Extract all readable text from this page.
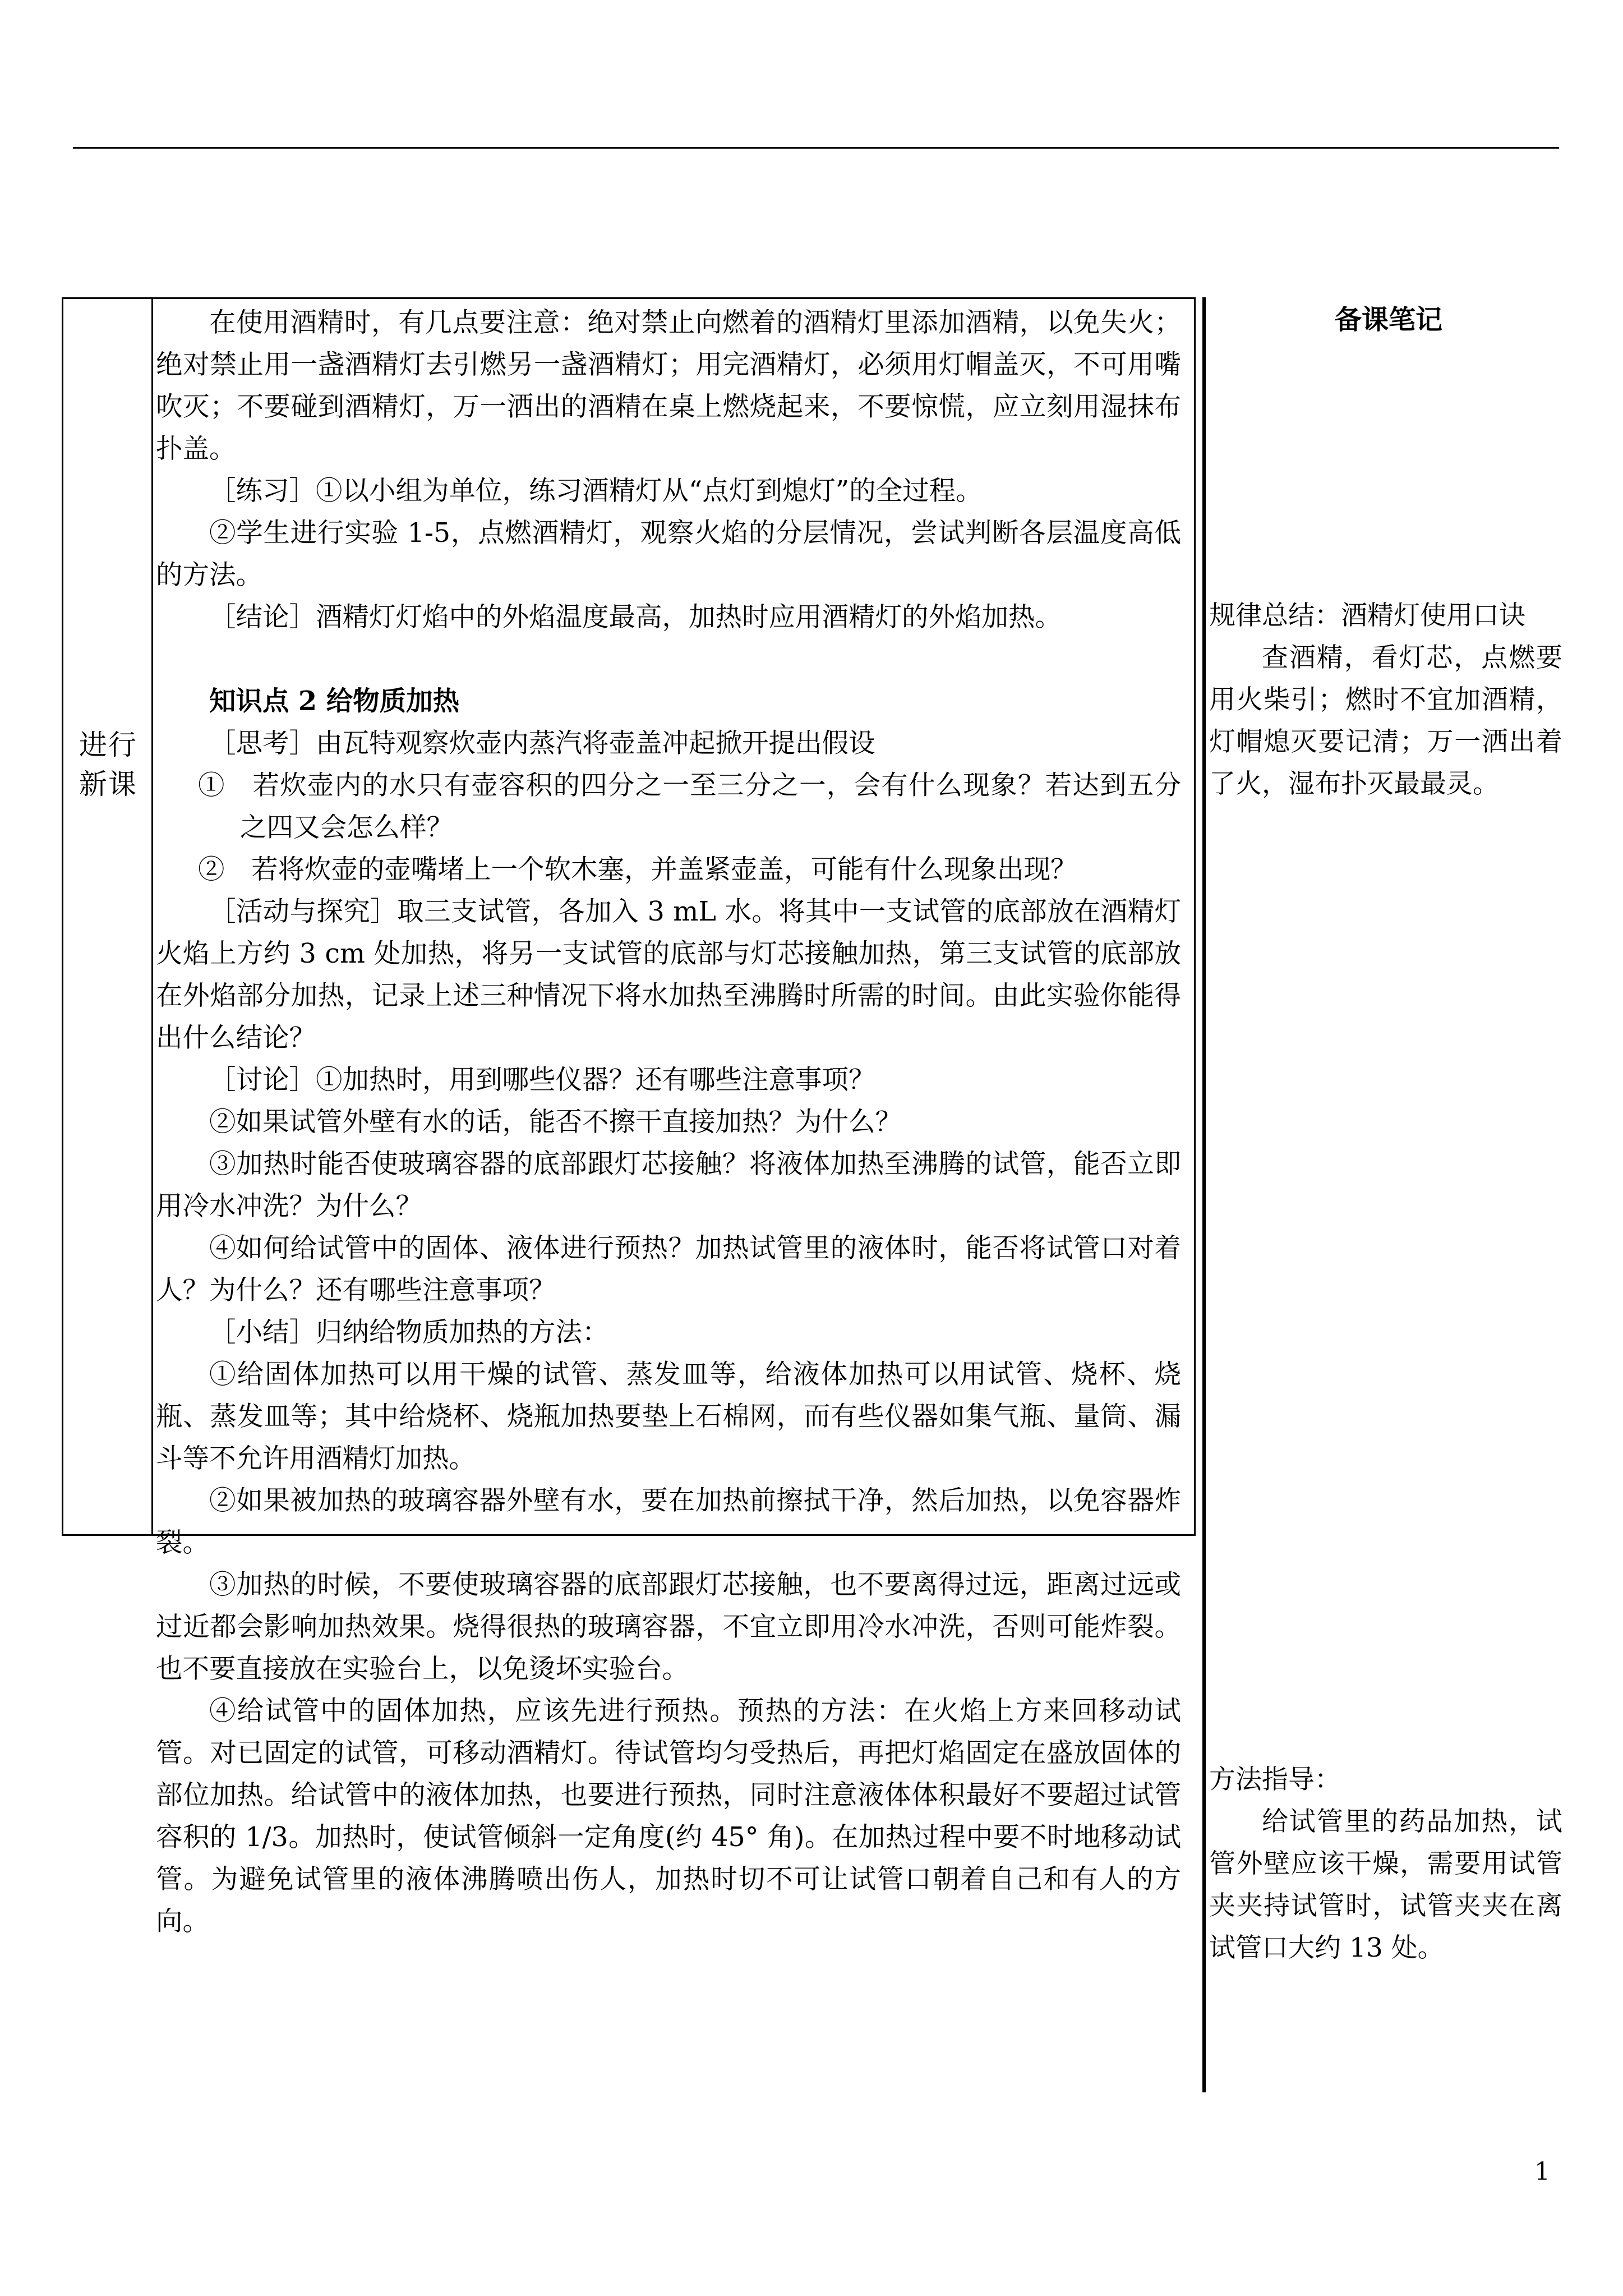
进行
新课
在使用酒精时，有几点要注意：绝对禁止向燃着的酒精灯里添加酒精，以免失火；绝对禁止用一盏酒精灯去引燃另一盏酒精灯；用完酒精灯，必须用灯帽盖灭，不可用嘴吹灭；不要碰到酒精灯，万一洒出的酒精在桌上燃烧起来，不要惊慌，应立刻用湿抹布扑盖。
［练习］①以小组为单位，练习酒精灯从“点灯到熄灯”的全过程。
②学生进行实验 1-5，点燃酒精灯，观察火焰的分层情况，尝试判断各层温度高低的方法。
［结论］酒精灯灯焰中的外焰温度最高，加热时应用酒精灯的外焰加热。
知识点 2 给物质加热
［思考］由瓦特观察炊壶内蒸汽将壶盖冲起掀开提出假设
①　若炊壶内的水只有壶容积的四分之一至三分之一，会有什么现象？若达到五分之四又会怎么样？
②　若将炊壶的壶嘴堵上一个软木塞，并盖紧壶盖，可能有什么现象出现？
［活动与探究］取三支试管，各加入 3 mL 水。将其中一支试管的底部放在酒精灯火焰上方约 3 cm 处加热，将另一支试管的底部与灯芯接触加热，第三支试管的底部放在外焰部分加热，记录上述三种情况下将水加热至沸腾时所需的时间。由此实验你能得出什么结论？
［讨论］①加热时，用到哪些仪器？还有哪些注意事项？
②如果试管外壁有水的话，能否不擦干直接加热？为什么？
③加热时能否使玻璃容器的底部跟灯芯接触？将液体加热至沸腾的试管，能否立即用冷水冲洗？为什么？
④如何给试管中的固体、液体进行预热？加热试管里的液体时，能否将试管口对着人？为什么？还有哪些注意事项？
［小结］归纳给物质加热的方法：
①给固体加热可以用干燥的试管、蒸发皿等，给液体加热可以用试管、烧杯、烧瓶、蒸发皿等；其中给烧杯、烧瓶加热要垫上石棉网，而有些仪器如集气瓶、量筒、漏斗等不允许用酒精灯加热。
②如果被加热的玻璃容器外壁有水，要在加热前擦拭干净，然后加热，以免容器炸裂。
③加热的时候，不要使玻璃容器的底部跟灯芯接触，也不要离得过远，距离过远或过近都会影响加热效果。烧得很热的玻璃容器，不宜立即用冷水冲洗，否则可能炸裂。也不要直接放在实验台上，以免烫坏实验台。
④给试管中的固体加热，应该先进行预热。预热的方法：在火焰上方来回移动试管。对已固定的试管，可移动酒精灯。待试管均匀受热后，再把灯焰固定在盛放固体的部位加热。给试管中的液体加热，也要进行预热，同时注意液体体积最好不要超过试管容积的 1/3。加热时，使试管倾斜一定角度(约 45° 角)。在加热过程中要不时地移动试管。为避免试管里的液体沸腾喷出伤人，加热时切不可让试管口朝着自己和有人的方向。
备课笔记
规律总结：酒精灯使用口诀
查酒精，看灯芯，点燃要用火柴引；燃时不宜加酒精，灯帽熄灭要记清；万一洒出着了火，湿布扑灭最最灵。
方法指导：
给试管里的药品加热，试管外壁应该干燥，需要用试管夹夹持试管时，试管夹夹在离试管口大约 13 处。
1
